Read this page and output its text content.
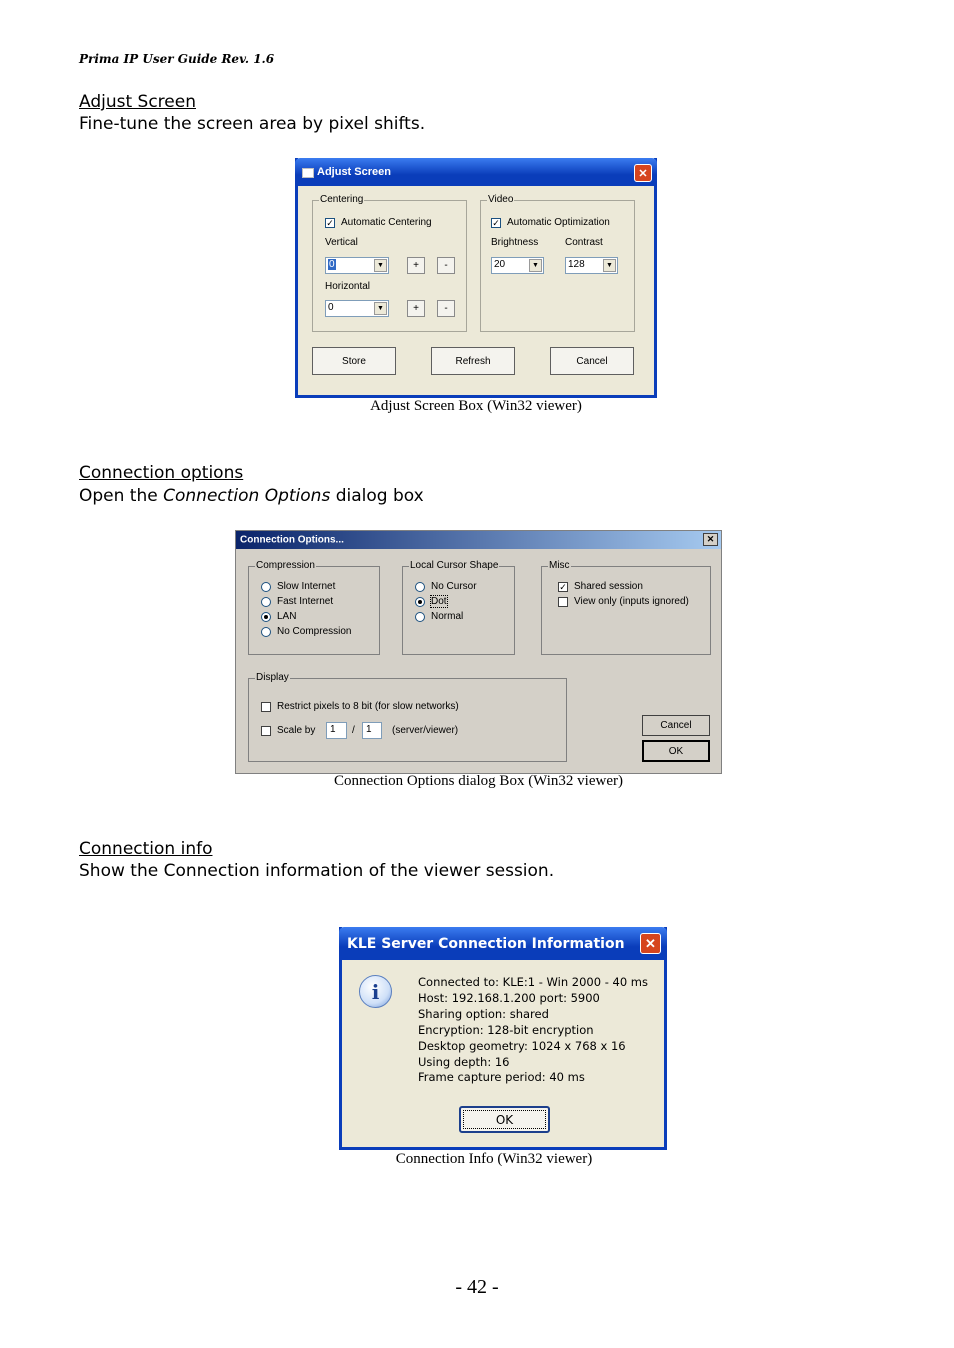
Prima IP User Guide Rev. 1.6
Adjust Screen
Fine-tune the screen area by pixel shifts.
Adjust Screen	✕
Centering
✓ Automatic Centering
Vertical
0	▼	+	-
Horizontal
0	▼	+	-
Video
✓ Automatic Optimization
Brightness	Contrast
20	▼	128	▼
Store	Refresh	Cancel
Adjust Screen Box (Win32 viewer)
Connection options
Open the Connection Options dialog box
Connection Options...	✕
Compression
Slow Internet
Fast Internet
LAN
No Compression
Local Cursor Shape
No Cursor
Dot
Normal
Misc
✓ Shared session
View only (inputs ignored)
Display
Restrict pixels to 8 bit (for slow networks)
Scale by	1	/	1	(server/viewer)	Cancel
OK
Connection Options dialog Box (Win32 viewer)
Connection info
Show the Connection information of the viewer session.
KLE Server Connection Information	✕
i	Connected to: KLE:1 - Win 2000 - 40 ms
Host: 192.168.1.200 port: 5900
Sharing option: shared
Encryption: 128-bit encryption
Desktop geometry: 1024 x 768 x 16
Using depth: 16
Frame capture period: 40 ms
OK
Connection Info (Win32 viewer)
- 42 -
